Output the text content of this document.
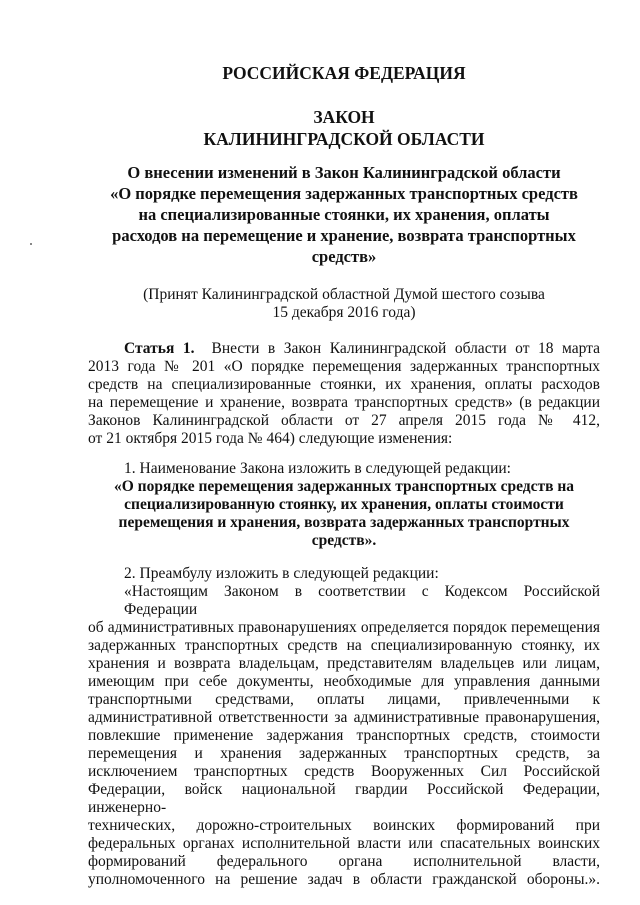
РОССИЙСКАЯ ФЕДЕРАЦИЯ
ЗАКОН
КАЛИНИНГРАДСКОЙ ОБЛАСТИ
О внесении изменений в Закон Калининградской области
«О порядке перемещения задержанных транспортных средств
на специализированные стоянки, их хранения, оплаты
расходов на перемещение и хранение, возврата транспортных
средств»
(Принят Калининградской областной Думой шестого созыва
15 декабря 2016 года)
Статья 1. Внести в Закон Калининградской области от 18 марта
2013 года № 201 «О порядке перемещения задержанных транспортных
средств на специализированные стоянки, их хранения, оплаты расходов
на перемещение и хранение, возврата транспортных средств» (в редакции
Законов Калининградской области от 27 апреля 2015 года № 412,
от 21 октября 2015 года № 464) следующие изменения:
1. Наименование Закона изложить в следующей редакции:
«О порядке перемещения задержанных транспортных средств на
специализированную стоянку, их хранения, оплаты стоимости
перемещения и хранения, возврата задержанных транспортных
средств».
2. Преамбулу изложить в следующей редакции:
«Настоящим Законом в соответствии с Кодексом Российской Федерации
об административных правонарушениях определяется порядок перемещения
задержанных транспортных средств на специализированную стоянку, их
хранения и возврата владельцам, представителям владельцев или лицам,
имеющим при себе документы, необходимые для управления данными
транспортными средствами, оплаты лицами, привлеченными к
административной ответственности за административные правонарушения,
повлекшие применение задержания транспортных средств, стоимости
перемещения и хранения задержанных транспортных средств, за
исключением транспортных средств Вооруженных Сил Российской
Федерации, войск национальной гвардии Российской Федерации, инженерно-
технических, дорожно-строительных воинских формирований при
федеральных органах исполнительной власти или спасательных воинских
формирований федерального органа исполнительной власти,
уполномоченного на решение задач в области гражданской обороны.».
